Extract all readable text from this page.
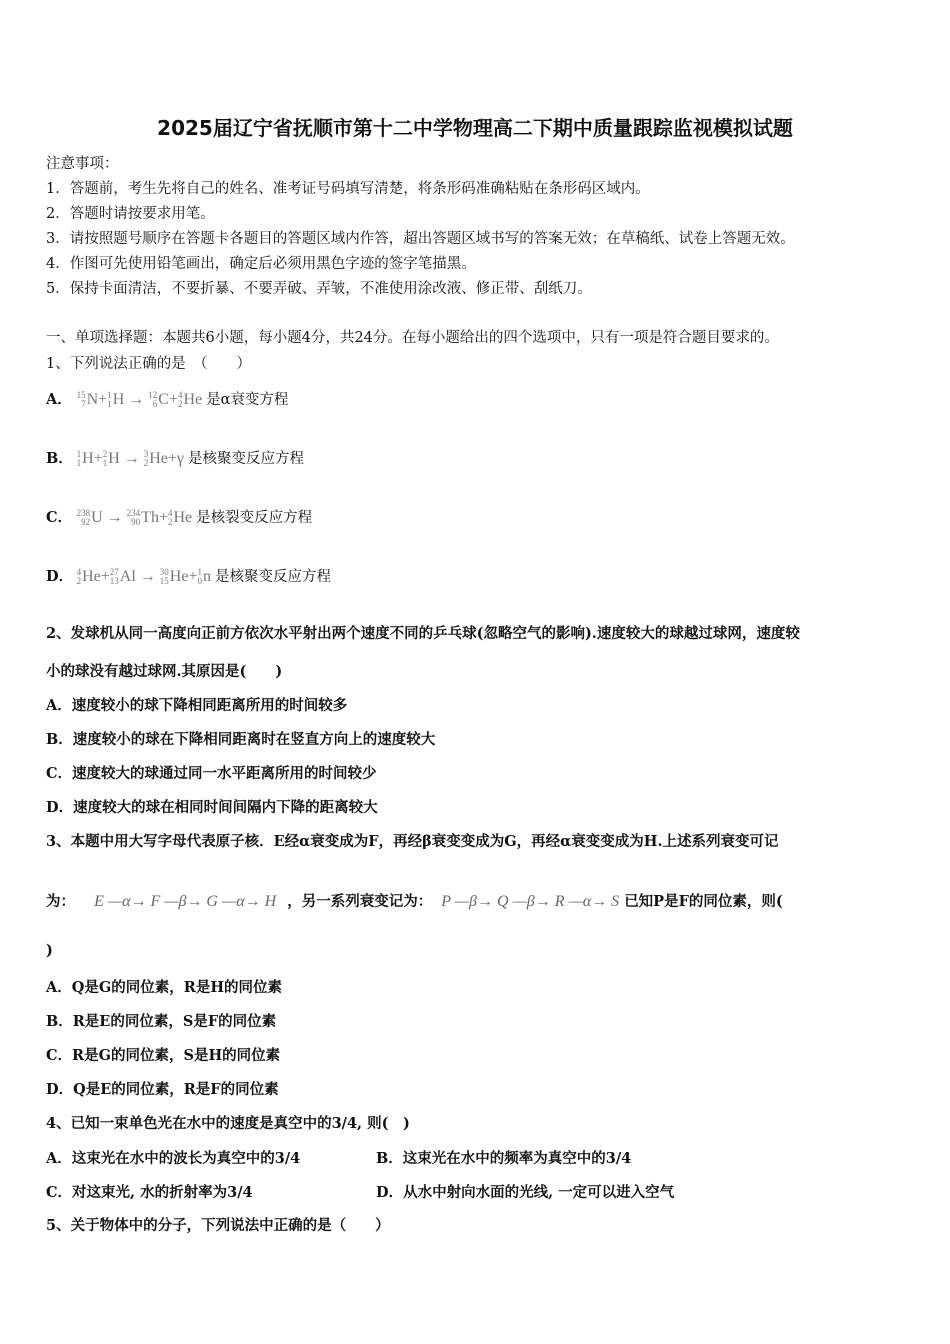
2025届辽宁省抚顺市第十二中学物理高二下期中质量跟踪监视模拟试题
注意事项：
1．答题前，考生先将自己的姓名、准考证号码填写清楚，将条形码准确粘贴在条形码区域内。
2．答题时请按要求用笔。
3．请按照题号顺序在答题卡各题目的答题区域内作答，超出答题区域书写的答案无效；在草稿纸、试卷上答题无效。
4．作图可先使用铅笔画出，确定后必须用黑色字迹的签字笔描黑。
5．保持卡面清洁，不要折暴、不要弄破、弄皱，不准使用涂改液、修正带、刮纸刀。
一、单项选择题：本题共6小题，每小题4分，共24分。在每小题给出的四个选项中，只有一项是符合题目要求的。
1、下列说法正确的是　（　　）
A． 15
7 N+ 1
1 H → 12
6 C+ 4
2 He 是α衰变方程
B． 1
1 H+ 2
1 H → 3
2 He+γ 是核聚变反应方程
C． 238
92 U → 234
90 Th+ 4
2 He 是核裂变反应方程
D． 4
2 He+ 27
13 Al → 30
15 He+ 1
0 n 是核聚变反应方程
2、发球机从同一高度向正前方依次水平射出两个速度不同的乒乓球(忽略空气的影响).速度较大的球越过球网，速度较
小的球没有越过球网.其原因是(　　)
A．速度较小的球下降相同距离所用的时间较多
B．速度较小的球在下降相同距离时在竖直方向上的速度较大
C．速度较大的球通过同一水平距离所用的时间较少
D．速度较大的球在相同时间间隔内下降的距离较大
3、本题中用大写字母代表原子核．E经α衰变成为F，再经β衰变变成为G，再经α衰变变成为H.上述系列衰变可记
为： E —α→ F —β→ G —α→ H ，另一系列衰变记为： P —β→ Q —β→ R —α→ S 已知P是F的同位素，则(
)
A．Q是G的同位素，R是H的同位素
B．R是E的同位素，S是F的同位素
C．R是G的同位素，S是H的同位素
D．Q是E的同位素，R是F的同位素
4、已知一束单色光在水中的速度是真空中的3/4, 则(　)
A．这束光在水中的波长为真空中的3/4	B．这束光在水中的频率为真空中的3/4
C．对这束光, 水的折射率为3/4	D．从水中射向水面的光线, 一定可以进入空气
5、关于物体中的分子，下列说法中正确的是（　　）
